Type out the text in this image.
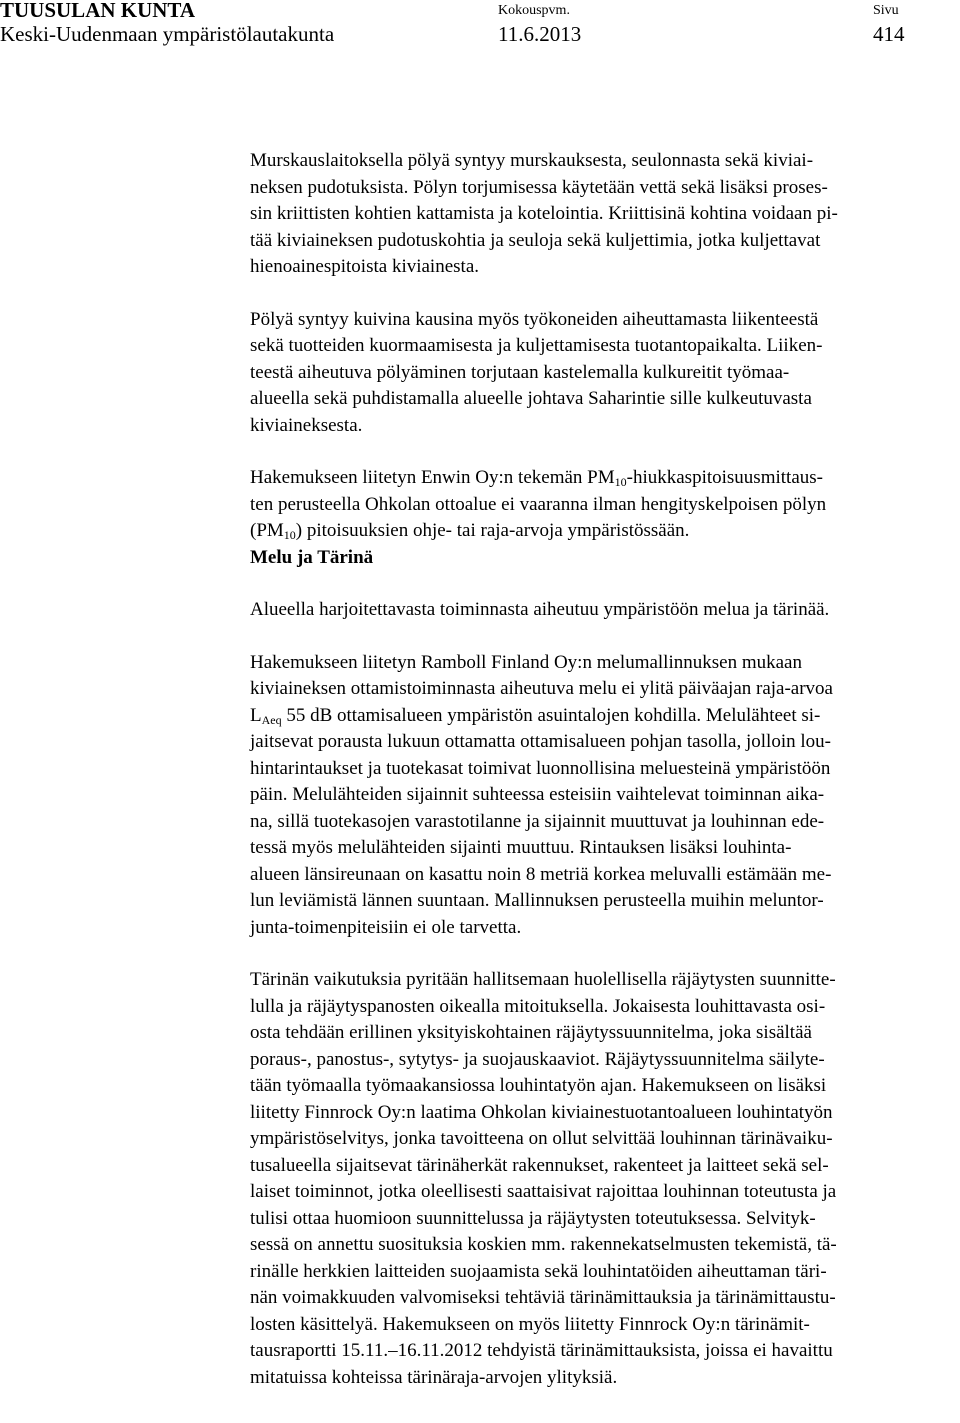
TUUSULAN KUNTA
Keski-Uudenmaan ympäristölautakunta
Kokouspvm.
11.6.2013
Sivu
414

Murskauslaitoksella pölyä syntyy murskauksesta, seulonnasta sekä kiviai-
neksen pudotuksista. Pölyn torjumisessa käytetään vettä sekä lisäksi proses-
sin kriittisten kohtien kattamista ja kotelointia. Kriittisinä kohtina voidaan pi-
tää kiviaineksen pudotuskohtia ja seuloja sekä kuljettimia, jotka kuljettavat
hienoainespitoista kiviainesta.

Pölyä syntyy kuivina kausina myös työkoneiden aiheuttamasta liikenteestä
sekä tuotteiden kuormaamisesta ja kuljettamisesta tuotantopaikalta. Liiken-
teestä aiheutuva pölyäminen torjutaan kastelemalla kulkureitit työmaa-
alueella sekä puhdistamalla alueelle johtava Saharintie sille kulkeutuvasta
kiviaineksesta.

Hakemukseen liitetyn Enwin Oy:n tekemän $PM_{10}-hiukkaspitoisuusmittaus-$
ten perusteella Ohkolan ottoalue ei vaaranna ilman hengityskelpoisen pölyn
$(PM_{10})$ pitoisuuksien ohje- tai raja-arvoja ympäristössään.

Melu ja Tärinä

Alueella harjoitettavasta toiminnasta aiheutuu ympäristöön melua ja tärinää.

Hakemukseen liitetyn Ramboll Finland Oy:n melumallinnuksen mukaan
kiviaineksen ottamistoiminnasta aiheutuva melu ei ylitä päiväajan raja-arvoa
$L_{Aeq}$ 55 dB ottamisalueen ympäristön asuintalojen kohdilla. Melulähteet si-
jaitsevat porausta lukuun ottamatta ottamisalueen pohjan tasolla, jolloin lou-
hintarintaukset ja tuotekasat toimivat luonnollisina meluesteinä ympäristöön
päin. Melulähteiden sijainnit suhteessa esteisiin vaihtelevat toiminnan aika-
na, sillä tuotekasojen varastotilanne ja sijainnit muuttuvat ja louhinnan ede-
tessä myös melulähteiden sijainti muuttuu. Rintauksen lisäksi louhinta-
alueen länsireunaan on kasattu noin 8 metriä korkea meluvalli estämään me-
lun leviämistä lännen suuntaan. Mallinnuksen perusteella muihin meluntor-
junta-toimenpiteisiin ei ole tarvetta.

Tärinän vaikutuksia pyritään hallitsemaan huolellisella räjäytysten suunnitte-
lulla ja räjäytyspanosten oikealla mitoituksella. Jokaisesta louhittavasta osi-
osta tehdään erillinen yksityiskohtainen räjäytyssuunnitelma, joka sisältää
poraus-, panostus-, sytytys- ja suojauskaaviot. Räjäytyssuunnitelma säilyte-
tään työmaalla työmaakansiossa louhintatyön ajan. Hakemukseen on lisäksi
liitetty Finnrock Oy:n laatima Ohkolan kiviainestuotantoalueen louhintatyön
ympäristöselvitys, jonka tavoitteena on ollut selvittää louhinnan tärinävaiku-
tusalueella sijaitsevat tärinäherkät rakennukset, rakenteet ja laitteet sekä sel-
laiset toiminnot, jotka oleellisesti saattaisivat rajoittaa louhinnan toteutusta ja
tulisi ottaa huomioon suunnittelussa ja räjäytysten toteutuksessa. Selvityk-
sessä on annettu suosituksia koskien mm. rakennekatselmusten tekemistä, tä-
rinälle herkkien laitteiden suojaamista sekä louhintatöiden aiheuttaman täri-
nän voimakkuuden valvomiseksi tehtäviä tärinämittauksia ja tärinämittaustu-
losten käsittelyä. Hakemukseen on myös liitetty Finnrock Oy:n tärinämit-
tausraportti 15.11.–16.11.2012 tehdyistä tärinämittauksista, joissa ei havaittu
mitatuissa kohteissa tärinäraja-arvojen ylityksiä.
